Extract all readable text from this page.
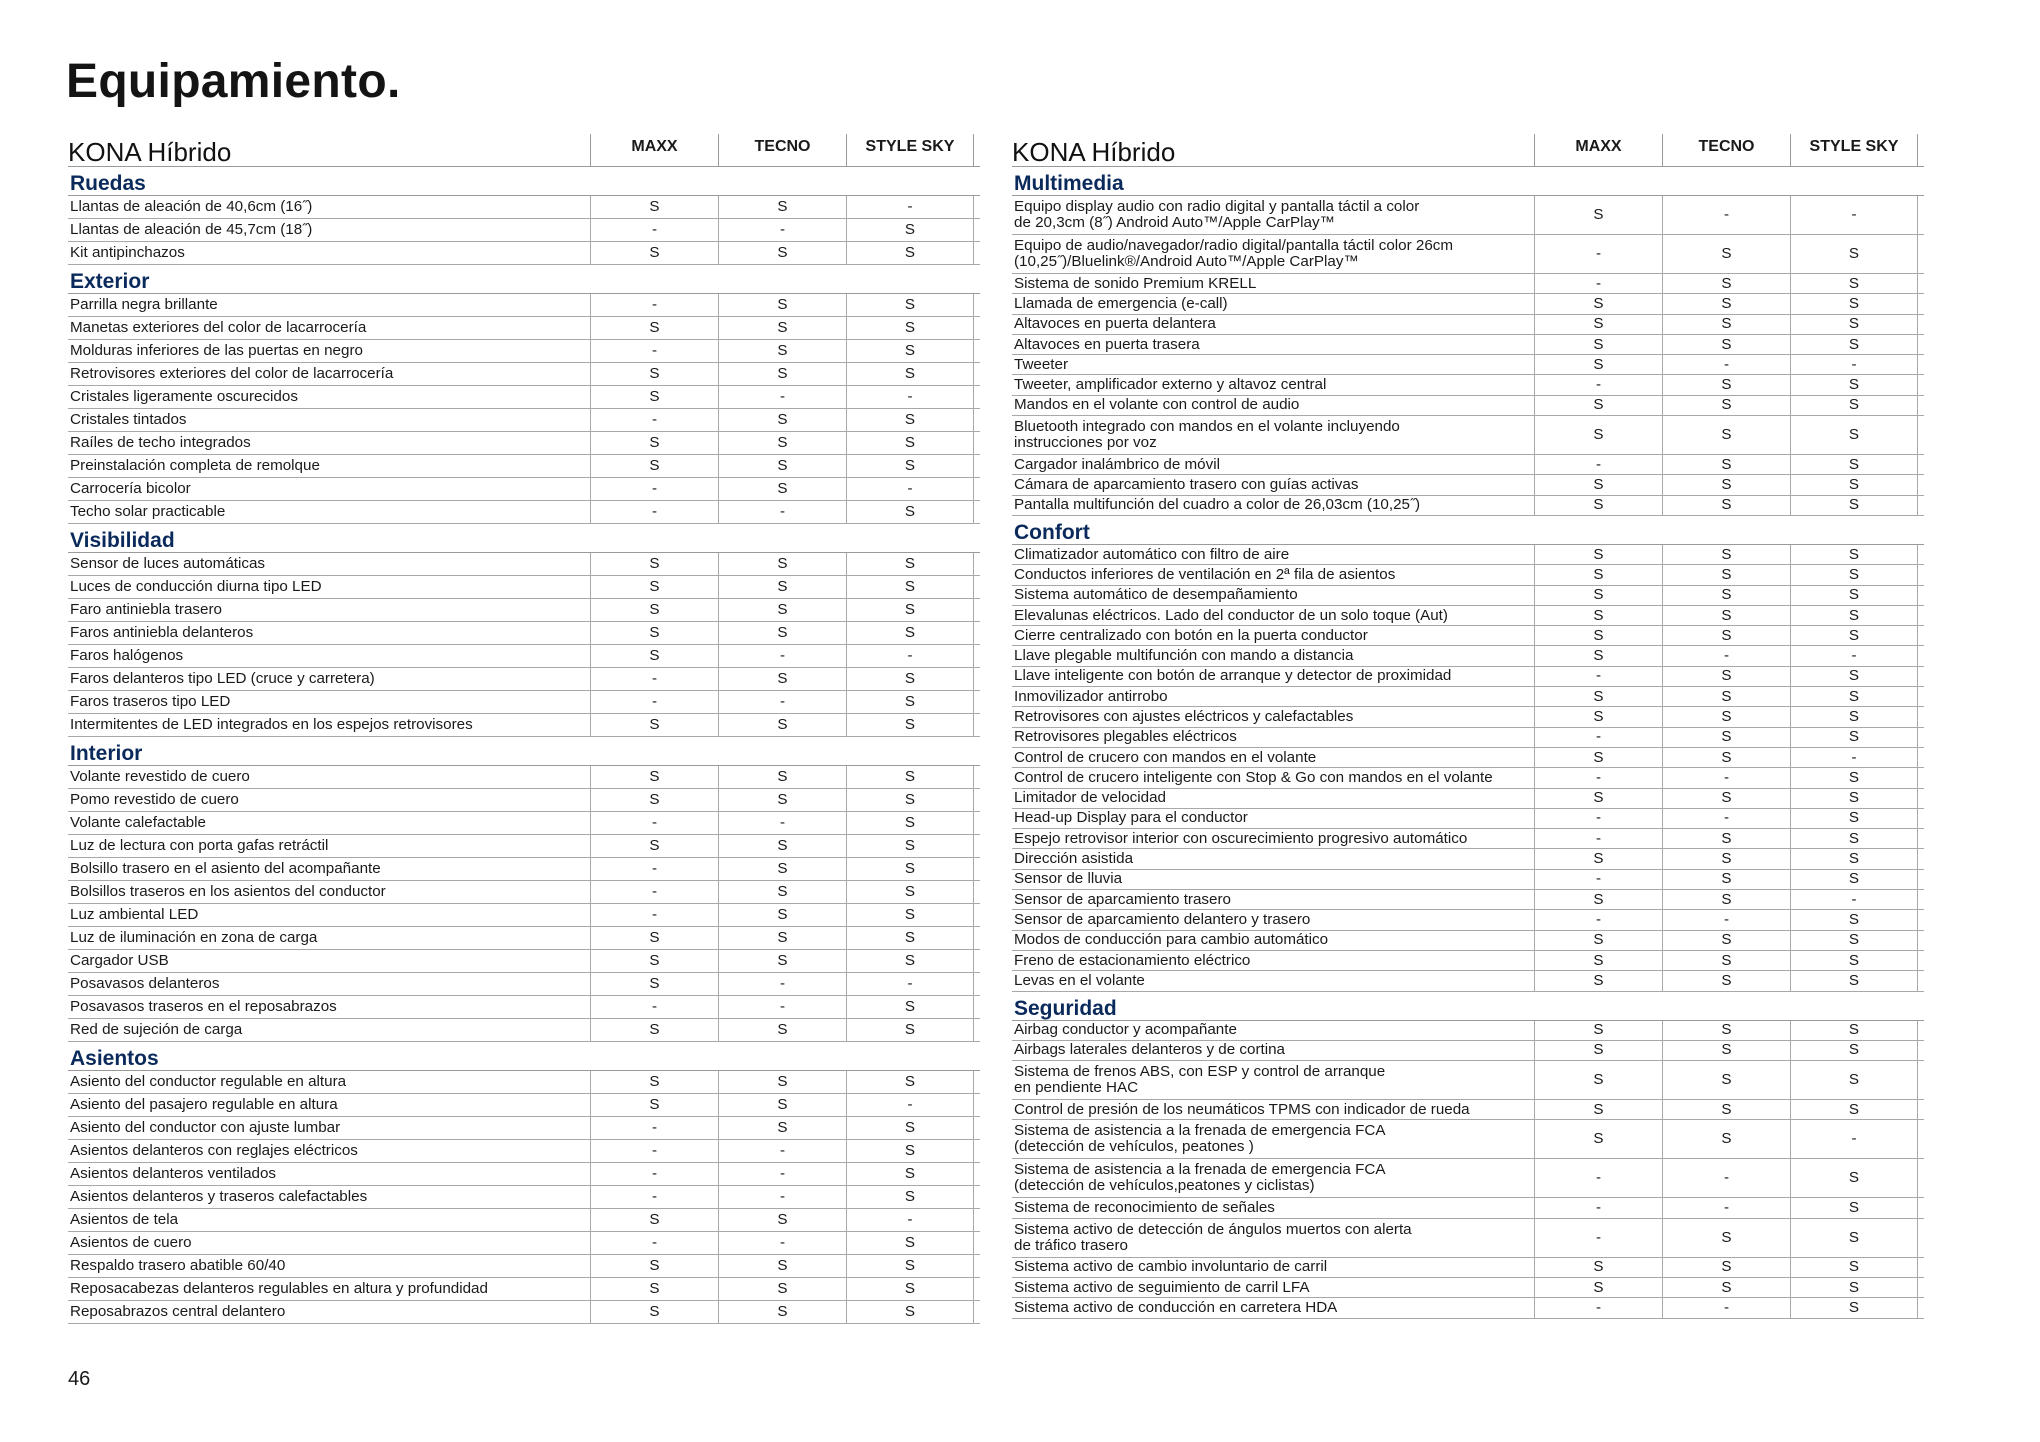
Equipamiento.
KONA Híbrido	MAXX	TECNO	STYLE SKY
Ruedas
Llantas de aleación de 40,6cm (16˝)	S	S	-
Llantas de aleación de 45,7cm (18˝)	-	-	S
Kit antipinchazos	S	S	S
Exterior
Parrilla negra brillante	-	S	S
Manetas exteriores del color de lacarrocería	S	S	S
Molduras inferiores de las puertas en negro	-	S	S
Retrovisores exteriores del color de lacarrocería	S	S	S
Cristales ligeramente oscurecidos	S	-	-
Cristales tintados	-	S	S
Raíles de techo integrados	S	S	S
Preinstalación completa de remolque	S	S	S
Carrocería bicolor	-	S	-
Techo solar practicable	-	-	S
Visibilidad
Sensor de luces automáticas	S	S	S
Luces de conducción diurna tipo LED	S	S	S
Faro antiniebla trasero	S	S	S
Faros antiniebla delanteros	S	S	S
Faros halógenos	S	-	-
Faros delanteros tipo LED (cruce y carretera)	-	S	S
Faros traseros tipo LED	-	-	S
Intermitentes de LED integrados en los espejos retrovisores	S	S	S
Interior
Volante revestido de cuero	S	S	S
Pomo revestido de cuero	S	S	S
Volante calefactable	-	-	S
Luz de lectura con porta gafas retráctil	S	S	S
Bolsillo trasero en el asiento del acompañante	-	S	S
Bolsillos traseros en los asientos del conductor	-	S	S
Luz ambiental LED	-	S	S
Luz de iluminación en zona de carga	S	S	S
Cargador USB	S	S	S
Posavasos delanteros	S	-	-
Posavasos traseros en el reposabrazos	-	-	S
Red de sujeción de carga	S	S	S
Asientos
Asiento del conductor regulable en altura	S	S	S
Asiento del pasajero regulable en altura	S	S	-
Asiento del conductor con ajuste lumbar	-	S	S
Asientos delanteros con reglajes eléctricos	-	-	S
Asientos delanteros ventilados	-	-	S
Asientos delanteros y traseros calefactables	-	-	S
Asientos de tela	S	S	-
Asientos de cuero	-	-	S
Respaldo trasero abatible 60/40	S	S	S
Reposacabezas delanteros regulables en altura y profundidad	S	S	S
Reposabrazos central delantero	S	S	S
KONA Híbrido	MAXX	TECNO	STYLE SKY
Multimedia
Equipo display audio con radio digital y pantalla táctil a color
de 20,3cm (8˝) Android Auto™/Apple CarPlay™	S	-	-
Equipo de audio/navegador/radio digital/pantalla táctil color 26cm
(10,25˝)/Bluelink®/Android Auto™/Apple CarPlay™	-	S	S
Sistema de sonido Premium KRELL	-	S	S
Llamada de emergencia (e-call)	S	S	S
Altavoces en puerta delantera	S	S	S
Altavoces en puerta trasera	S	S	S
Tweeter	S	-	-
Tweeter, amplificador externo y altavoz central	-	S	S
Mandos en el volante con control de audio	S	S	S
Bluetooth integrado con mandos en el volante incluyendo
instrucciones por voz	S	S	S
Cargador inalámbrico de móvil	-	S	S
Cámara de aparcamiento trasero con guías activas	S	S	S
Pantalla multifunción del cuadro a color de 26,03cm (10,25˝)	S	S	S
Confort
Climatizador automático con filtro de aire	S	S	S
Conductos inferiores de ventilación en 2ª fila de asientos	S	S	S
Sistema automático de desempañamiento	S	S	S
Elevalunas eléctricos. Lado del conductor de un solo toque (Aut)	S	S	S
Cierre centralizado con botón en la puerta conductor	S	S	S
Llave plegable multifunción con mando a distancia	S	-	-
Llave inteligente con botón de arranque y detector de proximidad	-	S	S
Inmovilizador antirrobo	S	S	S
Retrovisores con ajustes eléctricos y calefactables	S	S	S
Retrovisores plegables eléctricos	-	S	S
Control de crucero con mandos en el volante	S	S	-
Control de crucero inteligente con Stop & Go con mandos en el volante	-	-	S
Limitador de velocidad	S	S	S
Head-up Display para el conductor	-	-	S
Espejo retrovisor interior con oscurecimiento progresivo automático	-	S	S
Dirección asistida	S	S	S
Sensor de lluvia	-	S	S
Sensor de aparcamiento trasero	S	S	-
Sensor de aparcamiento delantero y trasero	-	-	S
Modos de conducción para cambio automático	S	S	S
Freno de estacionamiento eléctrico	S	S	S
Levas en el volante	S	S	S
Seguridad
Airbag conductor y acompañante	S	S	S
Airbags laterales delanteros y de cortina	S	S	S
Sistema de frenos ABS, con ESP y control de arranque
en pendiente HAC	S	S	S
Control de presión de los neumáticos TPMS con indicador de rueda	S	S	S
Sistema de asistencia a la frenada de emergencia FCA
(detección de vehículos, peatones )	S	S	-
Sistema de asistencia a la frenada de emergencia FCA
(detección de vehículos,peatones y ciclistas)	-	-	S
Sistema de reconocimiento de señales	-	-	S
Sistema activo de detección de ángulos muertos con alerta
de tráfico trasero	-	S	S
Sistema activo de cambio involuntario de carril	S	S	S
Sistema activo de seguimiento de carril LFA	S	S	S
Sistema activo de conducción en carretera HDA	-	-	S
46
